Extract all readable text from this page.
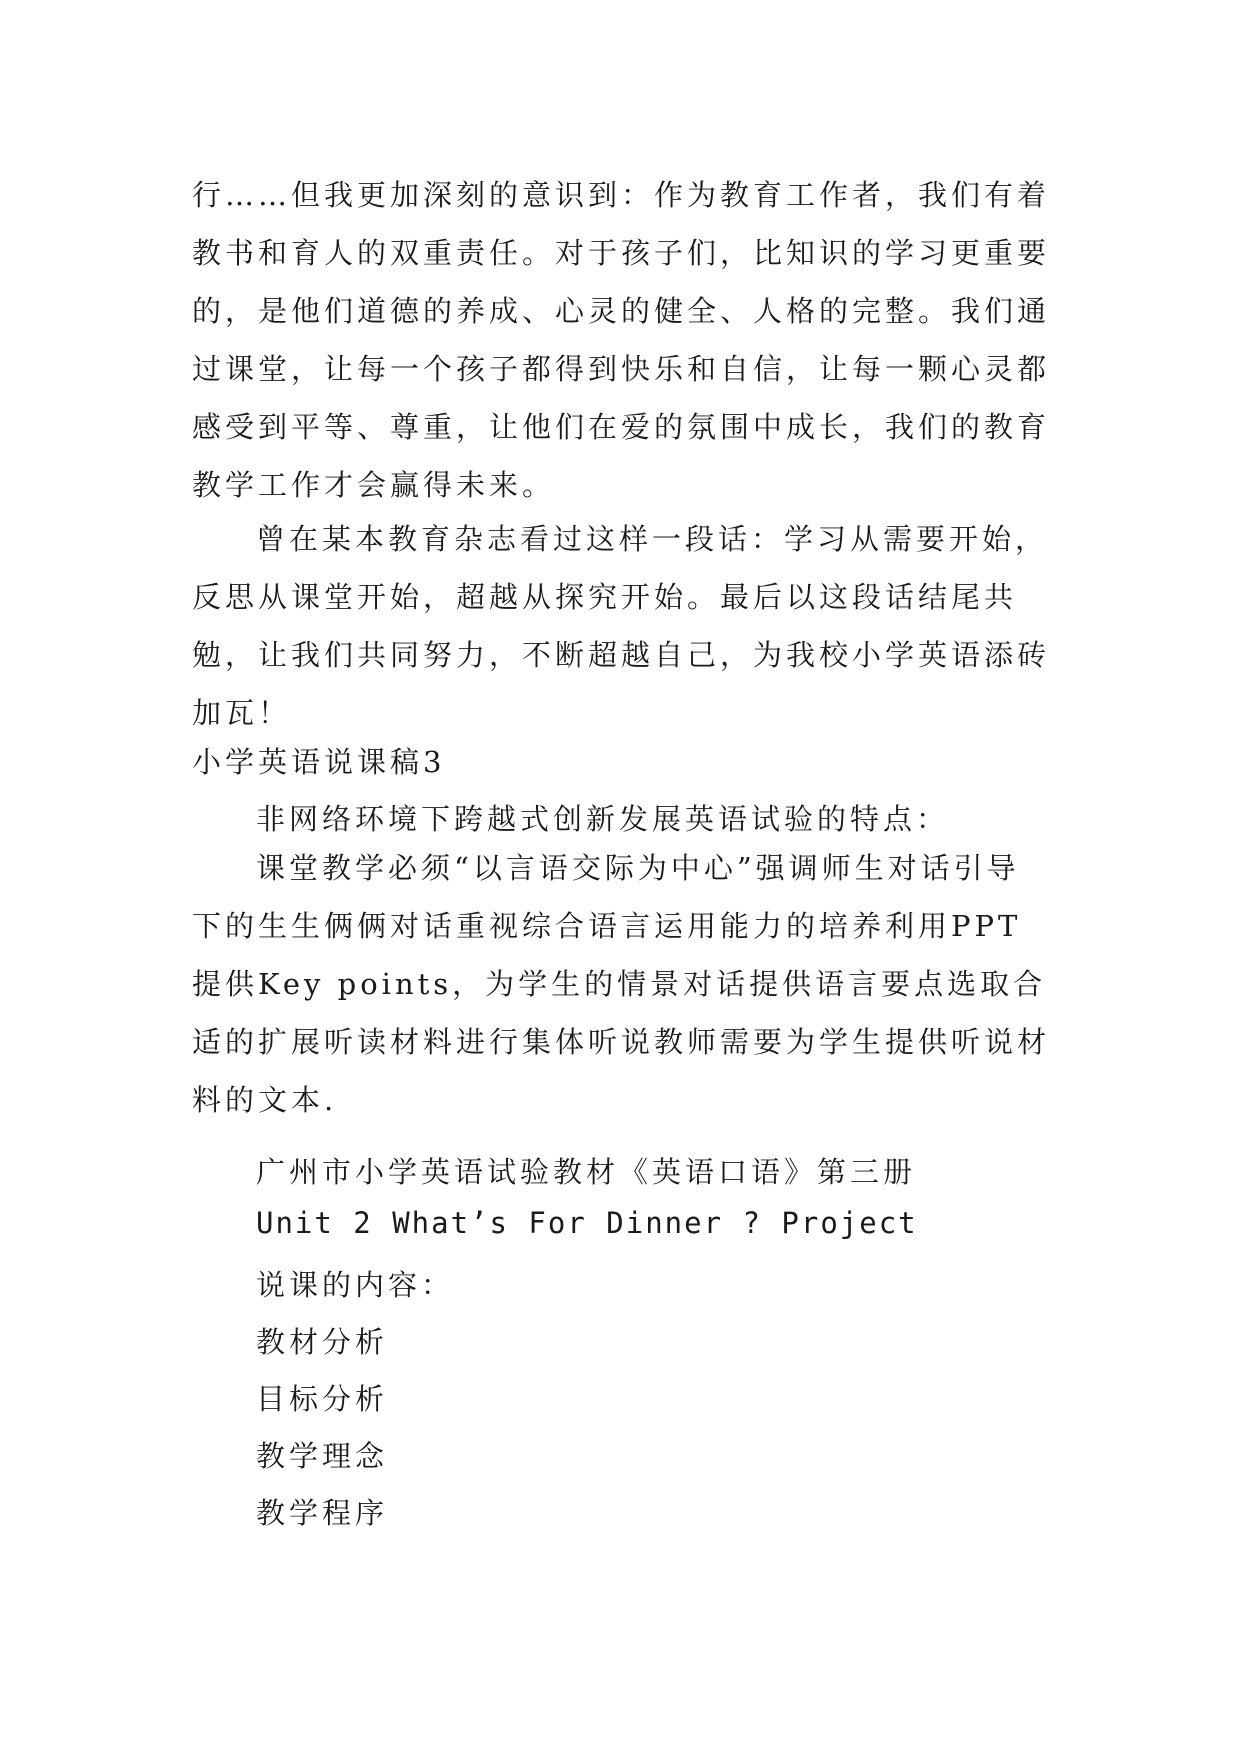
行……但我更加深刻的意识到：作为教育工作者，我们有着教书和育人的双重责任。对于孩子们，比知识的学习更重要的，是他们道德的养成、心灵的健全、人格的完整。我们通过课堂，让每一个孩子都得到快乐和自信，让每一颗心灵都感受到平等、尊重，让他们在爱的氛围中成长，我们的教育教学工作才会赢得未来。

曾在某本教育杂志看过这样一段话：学习从需要开始，反思从课堂开始，超越从探究开始。最后以这段话结尾共勉，让我们共同努力，不断超越自己，为我校小学英语添砖加瓦！

小学英语说课稿3

非网络环境下跨越式创新发展英语试验的特点：

课堂教学必须“以言语交际为中心”强调师生对话引导下的生生俩俩对话重视综合语言运用能力的培养利用PPT提供Key points，为学生的情景对话提供语言要点选取合适的扩展听读材料进行集体听说教师需要为学生提供听说材料的文本.

广州市小学英语试验教材《英语口语》第三册

Unit 2 What’s For Dinner ? Project

说课的内容：

教材分析

目标分析

教学理念

教学程序
